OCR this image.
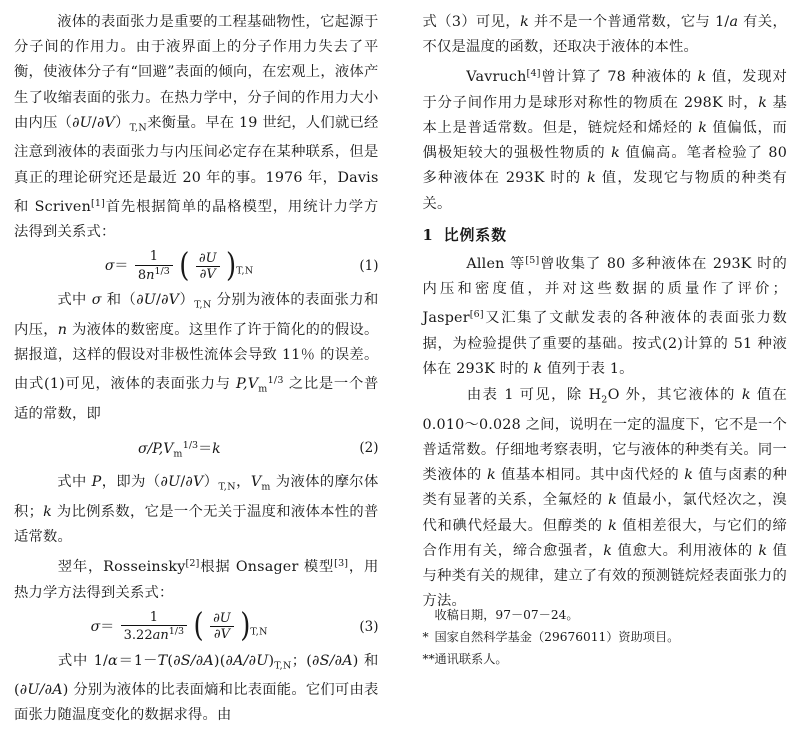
　液体的表面张力是重要的工程基础物性，它起源于分子间的作用力。由于液界面上的分子作用力失去了平衡，使液体分子有“回避”表面的倾向，在宏观上，液体产生了收缩表面的张力。在热力学中，分子间的作用力大小由内压$(\partial U/\partial V)_{T,N}$来衡量。早在 19 世纪，人们就已经注意到液体的表面张力与内压间必定存在某种联系，但是真正的理论研究还是最近 20 年的事。1976 年，Davis 和 Scriven[1]首先根据简单的晶格模型，用统计力学方法得到关系式：

$\sigma= \frac{1}{8n^{1/3}}$ ( $\frac{\partial U}{\partial V} )_{T,N}$	(1)

　式中 σ 和$(\partial U/\partial V)_{T,N}$ 分别为液体的表面张力和内压，n 为液体的数密度。这里作了许于简化的的假设。据报道，这样的假设对非极性流体会导致 11％ 的误差。由式(1)可见，液体的表面张力与 $P,V_m^{1/3}$ 之比是一个普适的常数，即

$\sigma/P,V_m^{1/3}=k$	(2)

　式中 P，即为$(\partial U/\partial V)_{T,N}$，$V_m$ 为液体的摩尔体积；k 为比例系数，它是一个无关于温度和液体本性的普适常数。

　翌年，Rosseinsky[2]根据 Onsager 模型[3]，用热力学方法得到关系式：

$\sigma= \frac{1}{3.22an^{1/3}}$ ( $\frac{\partial U}{\partial V} )_{T,N}$	(3)

　式中 $1/\alpha=1-T(\partial S/\partial A)(\partial A/\partial U)_{T,N}$；(∂S/∂A) 和 (∂U/∂A) 分别为液体的比表面熵和比表面能。它们可由表面张力随温度变化的数据求得。由

式（3）可见，k 并不是一个普通常数，它与 1/a 有关，不仅是温度的函数，还取决于液体的本性。

　Vavruch[4]曾计算了 78 种液体的 k 值，发现对于分子间作用力是球形对称性的物质在 298K 时，k 基本上是普适常数。但是，链烷烃和烯烃的 k 值偏低，而偶极矩较大的强极性物质的 k 值偏高。笔者检验了 80 多种液体在 293K 时的 k 值，发现它与物质的种类有关。

1 比例系数

　Allen 等[5]曾收集了 80 多种液体在 293K 时的内压和密度值，并对这些数据的质量作了评价；Jasper[6]又汇集了文献发表的各种液体的表面张力数据，为检验提供了重要的基础。按式(2)计算的 51 种液体在 293K 时的 k 值列于表 1。

　由表 1 可见，除 $H_2O$ 外，其它液体的 k 值在 0.010～0.028 之间，说明在一定的温度下，它不是一个普适常数。仔细地考察表明，它与液体的种类有关。同一类液体的 k 值基本相同。其中卤代烃的 k 值与卤素的种类有显著的关系，全氟烃的 k 值最小，氯代烃次之，溴代和碘代烃最大。但醇类的 k 值相差很大，与它们的缔合作用有关，缔合愈强者，k 值愈大。利用液体的 k 值与种类有关的规律，建立了有效的预测链烷烃表面张力的方法。

收稿日期，97－07－24。
* 国家自然科学基金（29676011）资助项目。
**通讯联系人。
